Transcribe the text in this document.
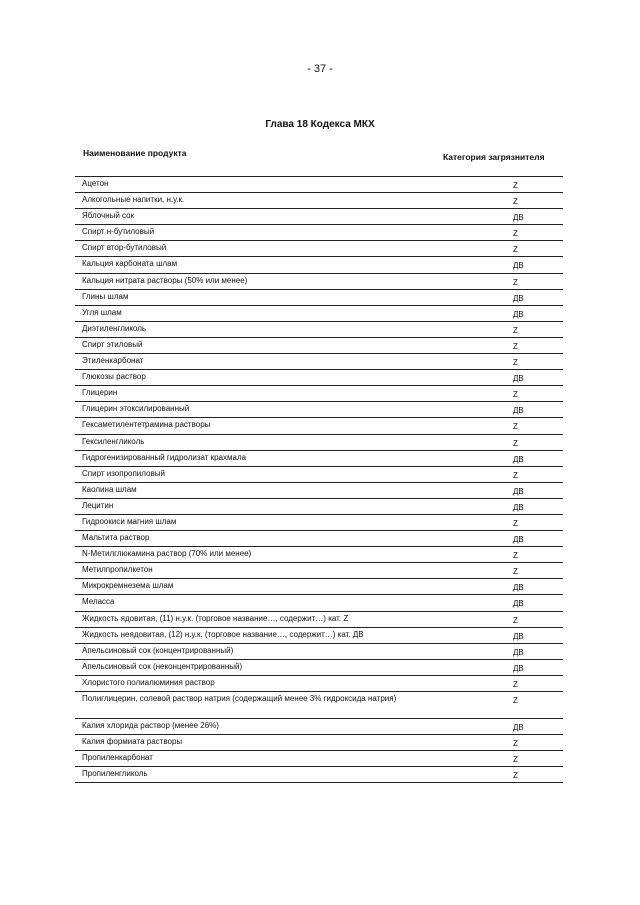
- 37 -
Глава 18 Кодекса МКХ
Наименование продукта	Категория загрязнителя
Ацетон	Z
Алкогольные напитки, н.у.к.	Z
Яблочный сок	ДВ
Спирт н-бутиловый	Z
Спирт втор-бутиловый	Z
Кальция карбоната шлам	ДВ
Кальция нитрата растворы (50% или менее)	Z
Глины шлам	ДВ
Угля шлам	ДВ
Диэтиленгликоль	Z
Спирт этиловый	Z
Этиленкарбонат	Z
Глюкозы раствор	ДВ
Глицерин	Z
Глицерин этоксилированный	ДВ
Гексаметилентетрамина растворы	Z
Гексиленгликоль	Z
Гидрогенизированный гидролизат крахмала	ДВ
Спирт изопропиловый	Z
Каолина шлам	ДВ
Лецитин	ДВ
Гидроокиси магния шлам	Z
Мальтита раствор	ДВ
N-Метилглюкамина раствор (70% или менее)	Z
Метилпропилкетон	Z
Микрокремнезема шлам	ДВ
Меласса	ДВ
Жидкость ядовитая, (11) н.у.к. (торговое название…, содержит…) кат. Z	Z
Жидкость неядовитая, (12) н.у.к. (торговое название…, содержит…) кат. ДВ	ДВ
Апельсиновый сок (концентрированный)	ДВ
Апельсиновый сок (неконцентрированный)	ДВ
Хлористого полиалюминия раствор	Z
Полиглицерин, солевой раствор натрия (содержащий менее 3% гидроксида натрия)	Z
Калия хлорида раствор (менее 26%)	ДВ
Калия формиата растворы	Z
Пропиленкарбонат	Z
Пропиленгликоль	Z
